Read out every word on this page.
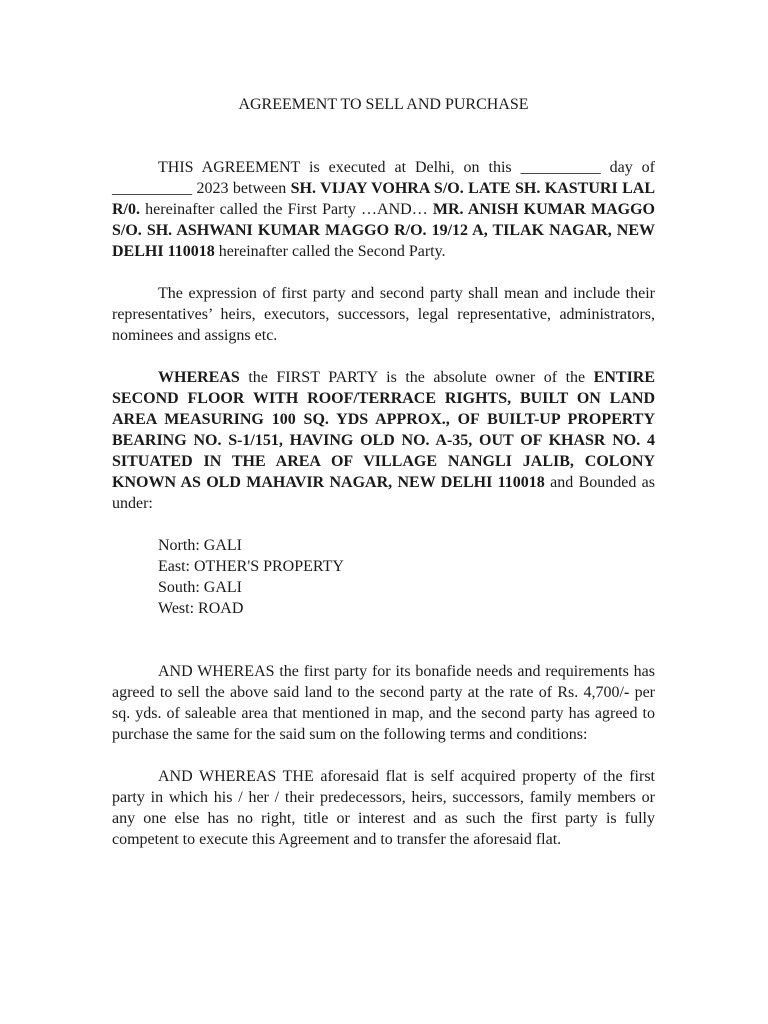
AGREEMENT TO SELL AND PURCHASE

THIS AGREEMENT is executed at Delhi, on this __________ day of __________ 2023 between SH. VIJAY VOHRA S/O. LATE SH. KASTURI LAL R/0. hereinafter called the First Party …AND… MR. ANISH KUMAR MAGGO S/O. SH. ASHWANI KUMAR MAGGO R/O. 19/12 A, TILAK NAGAR, NEW DELHI 110018 hereinafter called the Second Party.

The expression of first party and second party shall mean and include their representatives’ heirs, executors, successors, legal representative, administrators, nominees and assigns etc.

WHEREAS the FIRST PARTY is the absolute owner of the ENTIRE SECOND FLOOR WITH ROOF/TERRACE RIGHTS, BUILT ON LAND AREA MEASURING 100 SQ. YDS APPROX., OF BUILT-UP PROPERTY BEARING NO. S-1/151, HAVING OLD NO. A-35, OUT OF KHASR NO. 4 SITUATED IN THE AREA OF VILLAGE NANGLI JALIB, COLONY KNOWN AS OLD MAHAVIR NAGAR, NEW DELHI 110018 and Bounded as under:

North: GALI
East: OTHER'S PROPERTY
South: GALI
West: ROAD

AND WHEREAS the first party for its bonafide needs and requirements has agreed to sell the above said land to the second party at the rate of Rs. 4,700/- per sq. yds. of saleable area that mentioned in map, and the second party has agreed to purchase the same for the said sum on the following terms and conditions:

AND WHEREAS THE aforesaid flat is self acquired property of the first party in which his / her / their predecessors, heirs, successors, family members or any one else has no right, title or interest and as such the first party is fully competent to execute this Agreement and to transfer the aforesaid flat.
